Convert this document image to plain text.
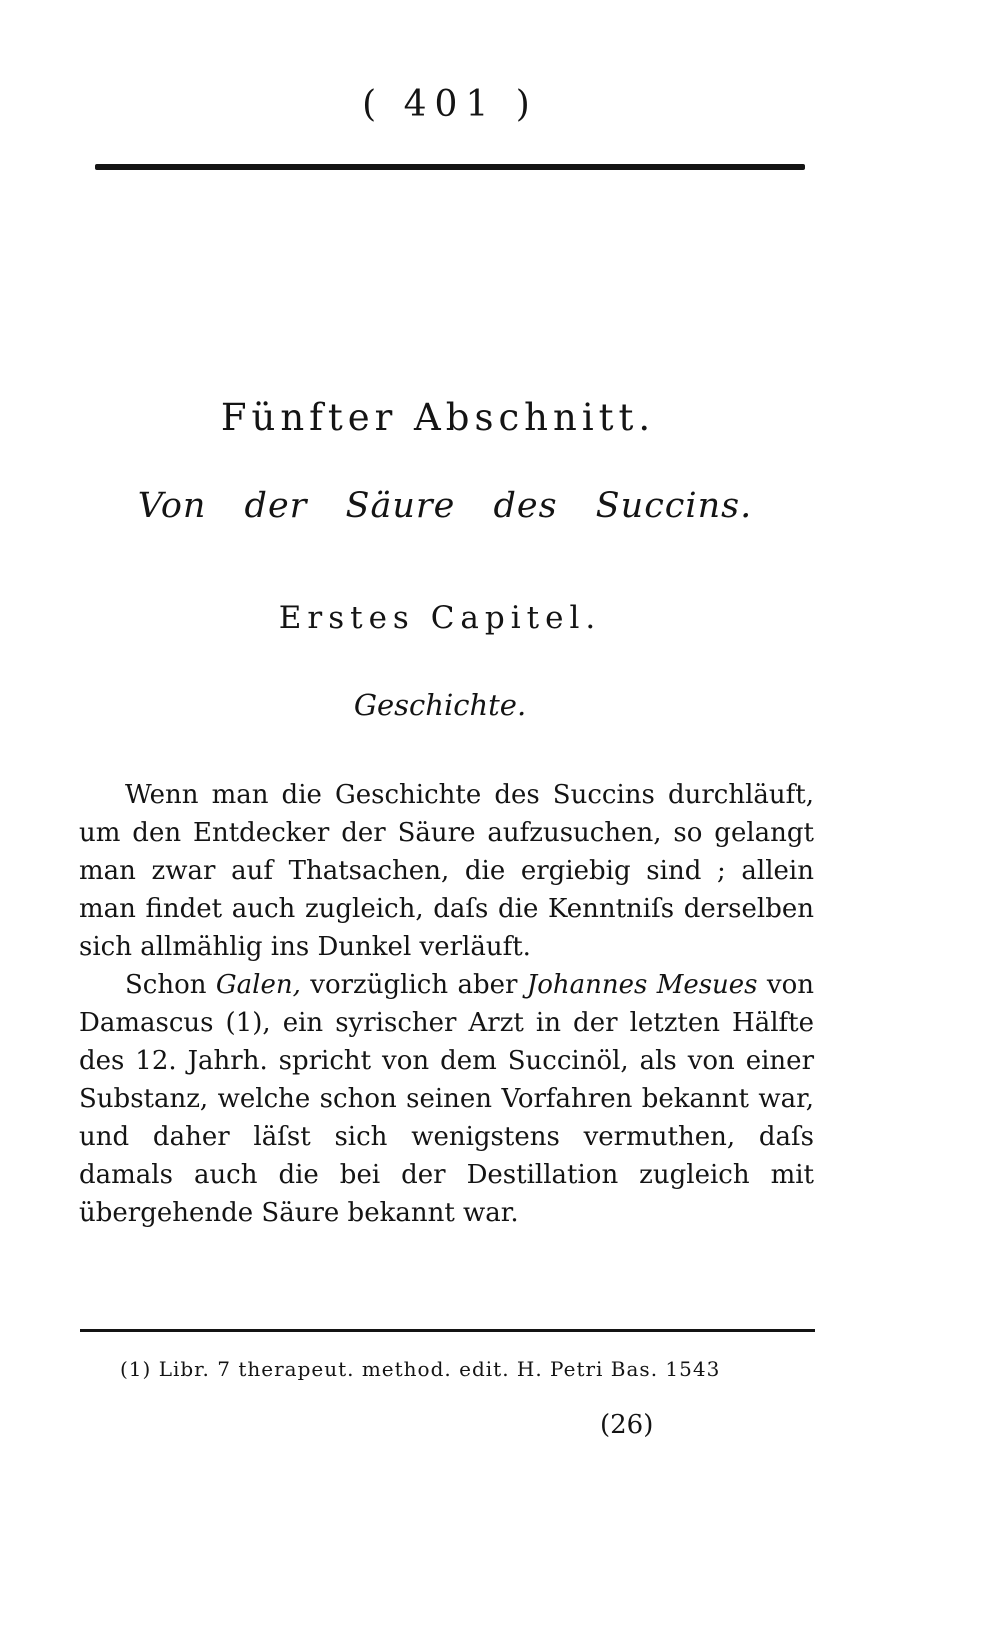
( 401 )
Fünfter Abschnitt.
Von der Säure des Succins.
Erstes Capitel.
Geschichte.

Wenn man die Geschichte des Succins durchläuft, um den Entdecker der Säure aufzusuchen, so gelangt man zwar auf Thatsachen, die ergiebig sind ; allein man findet auch zugleich, daſs die Kenntniſs derselben sich allmählig ins Dunkel verläuft.

Schon Galen, vorzüglich aber Johannes Mesues von Damascus (1), ein syrischer Arzt in der letzten Hälfte des 12. Jahrh. spricht von dem Succinöl, als von einer Substanz, welche schon seinen Vorfahren bekannt war, und daher läſst sich wenigstens vermuthen, daſs damals auch die bei der Destillation zugleich mit übergehende Säure bekannt war.

(1) Libr. 7 therapeut. method. edit. H. Petri Bas. 1543
(26)
